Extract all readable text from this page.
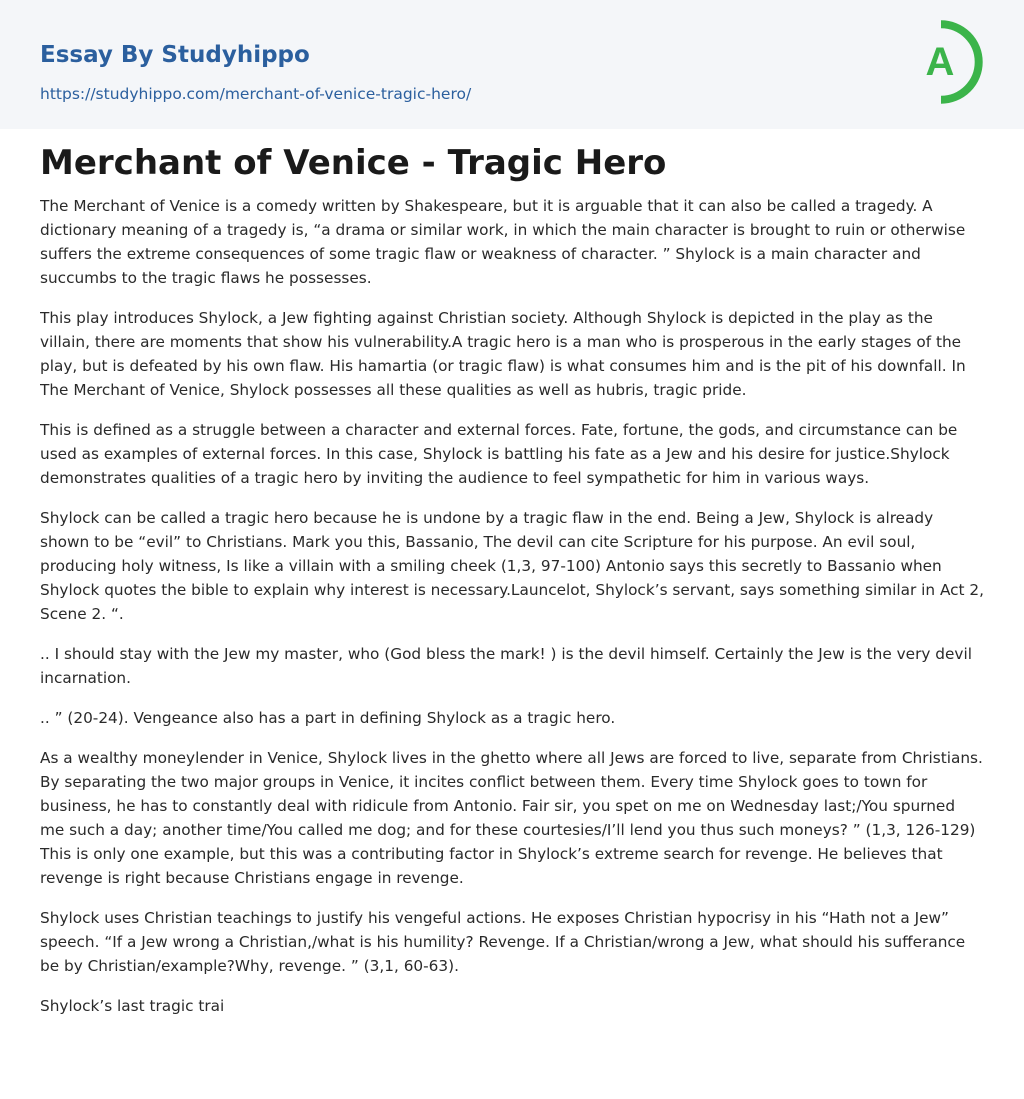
Essay By Studyhippo
https://studyhippo.com/merchant-of-venice-tragic-hero/
A
Merchant of Venice - Tragic Hero

The Merchant of Venice is a comedy written by Shakespeare, but it is arguable that it can also be called a tragedy. A dictionary meaning of a tragedy is, “a drama or similar work, in which the main character is brought to ruin or otherwise suffers the extreme consequences of some tragic flaw or weakness of character. ” Shylock is a main character and succumbs to the tragic flaws he possesses.

This play introduces Shylock, a Jew fighting against Christian society. Although Shylock is depicted in the play as the villain, there are moments that show his vulnerability.A tragic hero is a man who is prosperous in the early stages of the play, but is defeated by his own flaw. His hamartia (or tragic flaw) is what consumes him and is the pit of his downfall. In The Merchant of Venice, Shylock possesses all these qualities as well as hubris, tragic pride.

This is defined as a struggle between a character and external forces. Fate, fortune, the gods, and circumstance can be used as examples of external forces. In this case, Shylock is battling his fate as a Jew and his desire for justice.Shylock demonstrates qualities of a tragic hero by inviting the audience to feel sympathetic for him in various ways.

Shylock can be called a tragic hero because he is undone by a tragic flaw in the end. Being a Jew, Shylock is already shown to be “evil” to Christians. Mark you this, Bassanio, The devil can cite Scripture for his purpose. An evil soul, producing holy witness, Is like a villain with a smiling cheek (1,3, 97-100) Antonio says this secretly to Bassanio when Shylock quotes the bible to explain why interest is necessary.Launcelot, Shylock’s servant, says something similar in Act 2, Scene 2. “.

.. I should stay with the Jew my master, who (God bless the mark! ) is the devil himself. Certainly the Jew is the very devil incarnation.

.. ” (20-24). Vengeance also has a part in defining Shylock as a tragic hero.

As a wealthy moneylender in Venice, Shylock lives in the ghetto where all Jews are forced to live, separate from Christians. By separating the two major groups in Venice, it incites conflict between them. Every time Shylock goes to town for business, he has to constantly deal with ridicule from Antonio. Fair sir, you spet on me on Wednesday last;/You spurned me such a day; another time/You called me dog; and for these courtesies/I’ll lend you thus such moneys? ” (1,3, 126-129) This is only one example, but this was a contributing factor in Shylock’s extreme search for revenge. He believes that revenge is right because Christians engage in revenge.

Shylock uses Christian teachings to justify his vengeful actions. He exposes Christian hypocrisy in his “Hath not a Jew” speech. “If a Jew wrong a Christian,/what is his humility? Revenge. If a Christian/wrong a Jew, what should his sufferance be by Christian/example?Why, revenge. ” (3,1, 60-63).

Shylock’s last tragic trai
